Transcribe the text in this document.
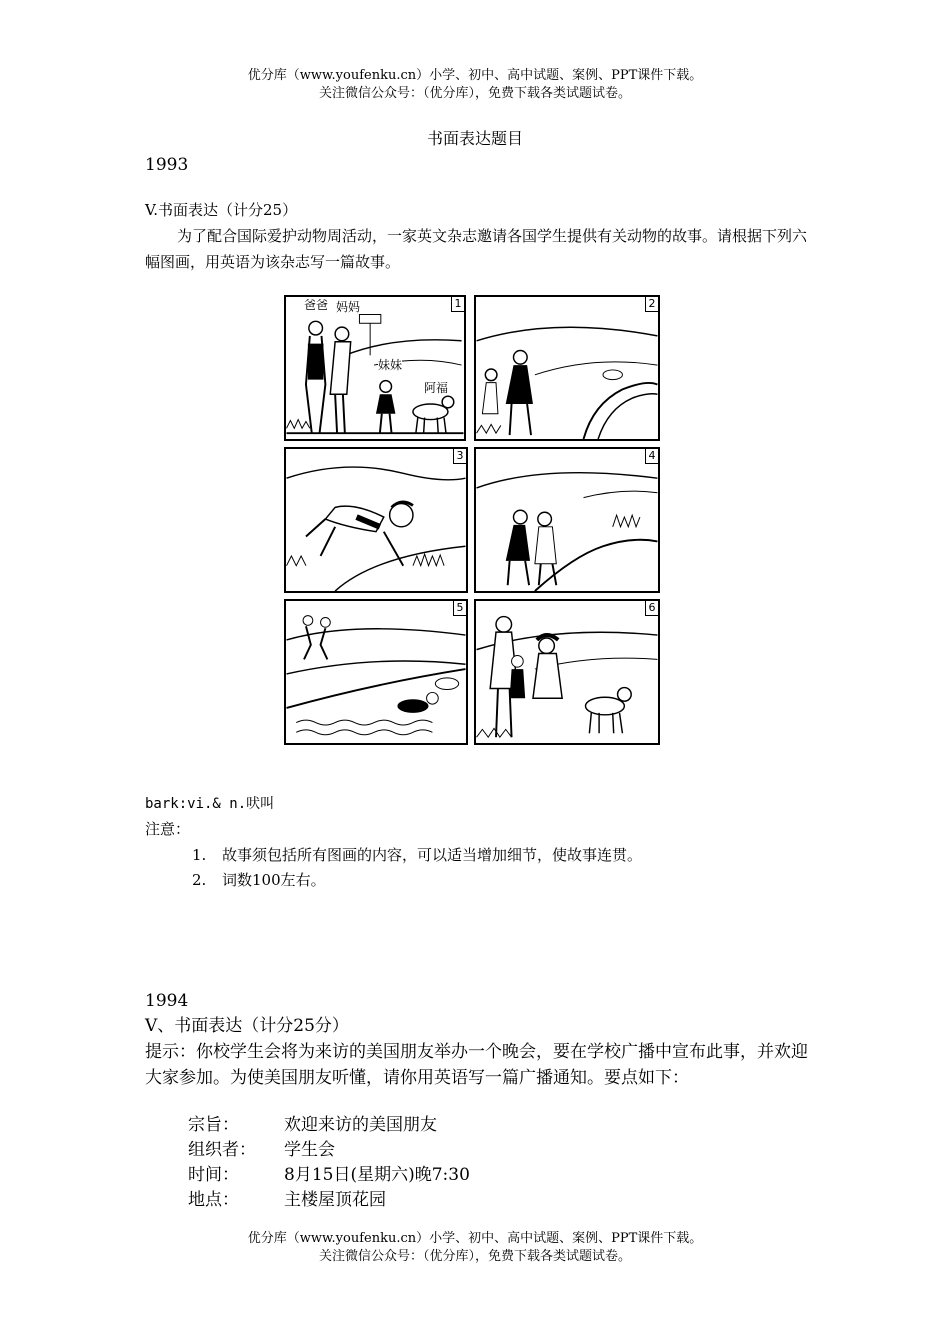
优分库（www.youfenku.cn）小学、初中、高中试题、案例、PPT课件下载。
关注微信公众号：（优分库），免费下载各类试题试卷。
书面表达题目
1993
V.书面表达（计分25）
为了配合国际爱护动物周活动，一家英文杂志邀请各国学生提供有关动物的故事。请根据下列六幅图画，用英语为该杂志写一篇故事。
爸爸 妈妈
妹妹
阿福
1	2
3	4
5	6
bark:vi.& n.吠叫
注意：
1. 故事须包括所有图画的内容，可以适当增加细节，使故事连贯。
2. 词数100左右。
1994
Ⅴ、书面表达（计分25分）
提示：你校学生会将为来访的美国朋友举办一个晚会，要在学校广播中宣布此事，并欢迎大家参加。为使美国朋友听懂，请你用英语写一篇广播通知。要点如下：
宗旨：	欢迎来访的美国朋友
组织者： 学生会
时间：	8月15日(星期六)晚7:30
地点：	主楼屋顶花园
优分库（www.youfenku.cn）小学、初中、高中试题、案例、PPT课件下载。
关注微信公众号：（优分库），免费下载各类试题试卷。
